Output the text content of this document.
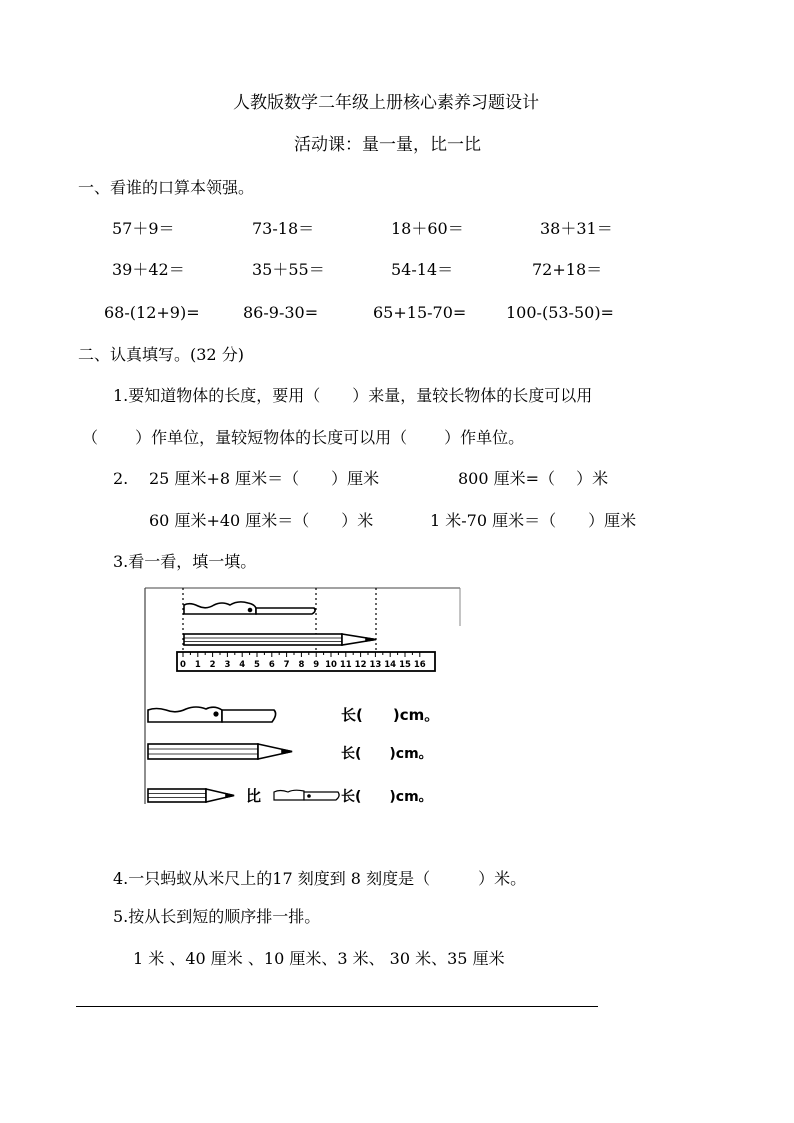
人教版数学二年级上册核心素养习题设计
活动课：量一量，比一比
一、看谁的口算本领强。
57＋9＝	73-18＝	18＋60＝	38＋31＝
39＋42＝	35＋55＝	54-14＝	72+18＝
68-(12+9)=	86-9-30=	65+15-70= 100-(53-50)=
二、认真填写。(32 分)
1.要知道物体的长度，要用（　　）来量，量较长物体的长度可以用
（　　 ）作单位，量较短物体的长度可以用（　　 ）作单位。
2. 25 厘米+8 厘米＝（　　）厘米	800 厘米=（　 ）米
60 厘米+40 厘米＝（　　）米	1 米-70 厘米＝（　　）厘米
3.看一看，填一填。
0 1 2 3 4 5 6 7 8 9 10 11 12 13 14 15 16
长(　　)cm。
长(　　)cm。
比	长(　　)cm。
4.一只蚂蚁从米尺上的17 刻度到 8 刻度是（　　　）米。
5.按从长到短的顺序排一排。
1 米 、40 厘米 、10 厘米、3 米、 30 米、35 厘米
